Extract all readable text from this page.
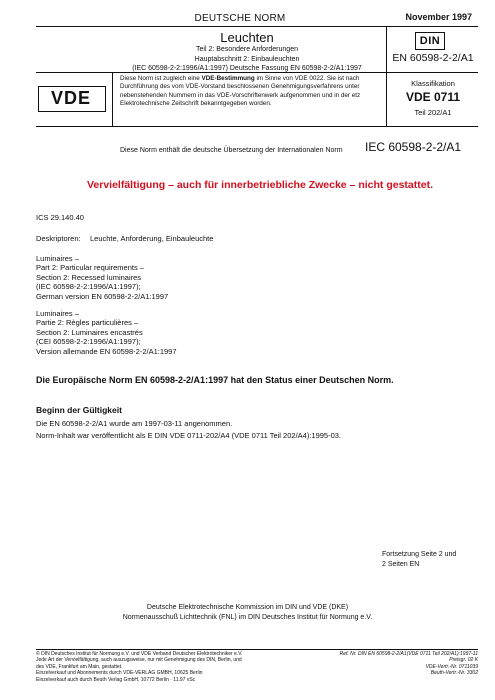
DEUTSCHE NORM	November 1997
Leuchten
Teil 2: Besondere Anforderungen
Hauptabschnitt 2: Einbauleuchten
(IEC 60598-2-2:1996/A1:1997) Deutsche Fassung EN 60598-2-2/A1:1997
DIN
EN 60598-2-2/A1
VDE
Diese Norm ist zugleich eine VDE-Bestimmung im Sinne von VDE 0022. Sie ist nach Durchführung des vom VDE-Vorstand beschlossenen Genehmigungsverfahrens unter nebenstehenden Nummern in das VDE-Vorschriftenwerk aufgenommen und in der etz Elektrotechnische Zeitschrift bekanntgegeben worden.
Klassifikation
VDE 0711
Teil 202/A1
Diese Norm enthält die deutsche Übersetzung der Internationalen Norm IEC 60598-2-2/A1
Vervielfältigung – auch für innerbetriebliche Zwecke – nicht gestattet.
ICS 29.140.40
Deskriptoren: Leuchte, Anforderung, Einbauleuchte
Luminaires –
Part 2: Particular requirements –
Section 2: Recessed luminaires
(IEC 60598-2-2:1996/A1:1997);
German version EN 60598-2-2/A1:1997
Luminaires –
Partie 2: Règles particulières –
Section 2: Luminaires encastrés
(CEI 60598-2-2:1996/A1:1997);
Version allemande EN 60598-2-2/A1:1997
Die Europäische Norm EN 60598-2-2/A1:1997 hat den Status einer Deutschen Norm.
Beginn der Gültigkeit
Die EN 60598-2-2/A1 wurde am 1997-03-11 angenommen.
Norm-Inhalt war veröffentlicht als E DIN VDE 0711-202/A4 (VDE 0711 Teil 202/A4):1995-03.
Fortsetzung Seite 2 und
2 Seiten EN
Deutsche Elektrotechnische Kommission im DIN und VDE (DKE)
Normenausschuß Lichttechnik (FNL) im DIN Deutsches Institut für Normung e.V.
© DIN Deutsches Institut für Normung e.V. und VDE Verband Deutscher Elektrotechniker e.V.
Jede Art der Vervielfältigung, auch auszugsweise, nur mit Genehmigung des DIN, Berlin, und
des VDE, Frankfurt am Main, gestattet.
Einzelverkauf und Abonnements durch VDE-VERLAG GMBH, 10625 Berlin
Einzelverkauf auch durch Beuth Verlag GmbH, 10772 Berlin · 11.97 vSc
Ref. Nr. DIN EN 60598-2-2/A1(VDE 0711 Teil 202/A1):1997-11
Preisgr. 02 K
VDE-Vertr.-Nr. 0711039
Beuth-Vertr.-Nr. 3302
